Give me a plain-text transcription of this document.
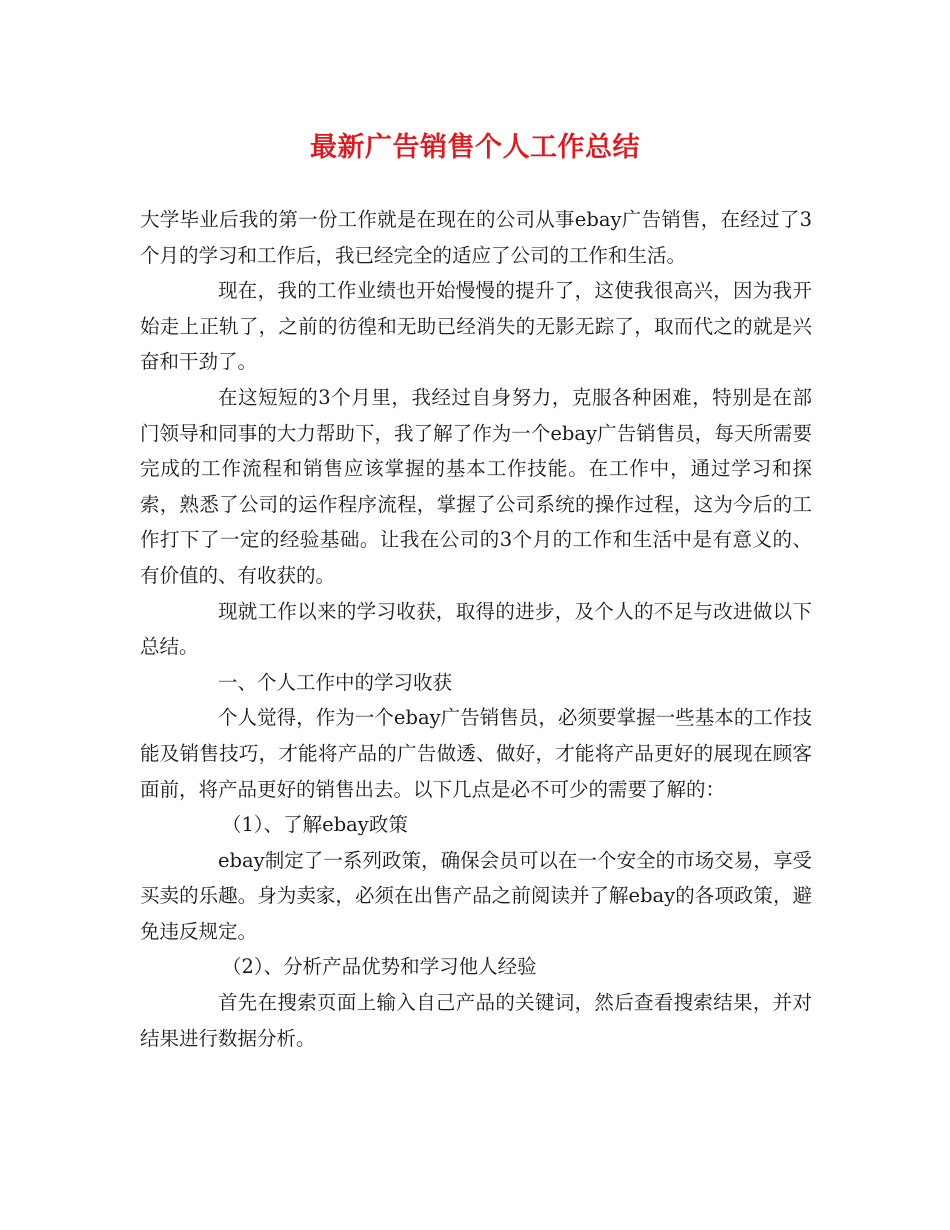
最新广告销售个人工作总结

大学毕业后我的第一份工作就是在现在的公司从事ebay广告销售，在经过了3个月的学习和工作后，我已经完全的适应了公司的工作和生活。

现在，我的工作业绩也开始慢慢的提升了，这使我很高兴，因为我开始走上正轨了，之前的彷徨和无助已经消失的无影无踪了，取而代之的就是兴奋和干劲了。

在这短短的3个月里，我经过自身努力，克服各种困难，特别是在部门领导和同事的大力帮助下，我了解了作为一个ebay广告销售员，每天所需要完成的工作流程和销售应该掌握的基本工作技能。在工作中，通过学习和探索，熟悉了公司的运作程序流程，掌握了公司系统的操作过程，这为今后的工作打下了一定的经验基础。让我在公司的3个月的工作和生活中是有意义的、有价值的、有收获的。

现就工作以来的学习收获，取得的进步，及个人的不足与改进做以下总结。

一、个人工作中的学习收获

个人觉得，作为一个ebay广告销售员，必须要掌握一些基本的工作技能及销售技巧，才能将产品的广告做透、做好，才能将产品更好的展现在顾客面前，将产品更好的销售出去。以下几点是必不可少的需要了解的：

（1）、了解ebay政策

ebay制定了一系列政策，确保会员可以在一个安全的市场交易，享受买卖的乐趣。身为卖家，必须在出售产品之前阅读并了解ebay的各项政策，避免违反规定。

（2）、分析产品优势和学习他人经验

首先在搜索页面上输入自己产品的关键词，然后查看搜索结果，并对结果进行数据分析。
